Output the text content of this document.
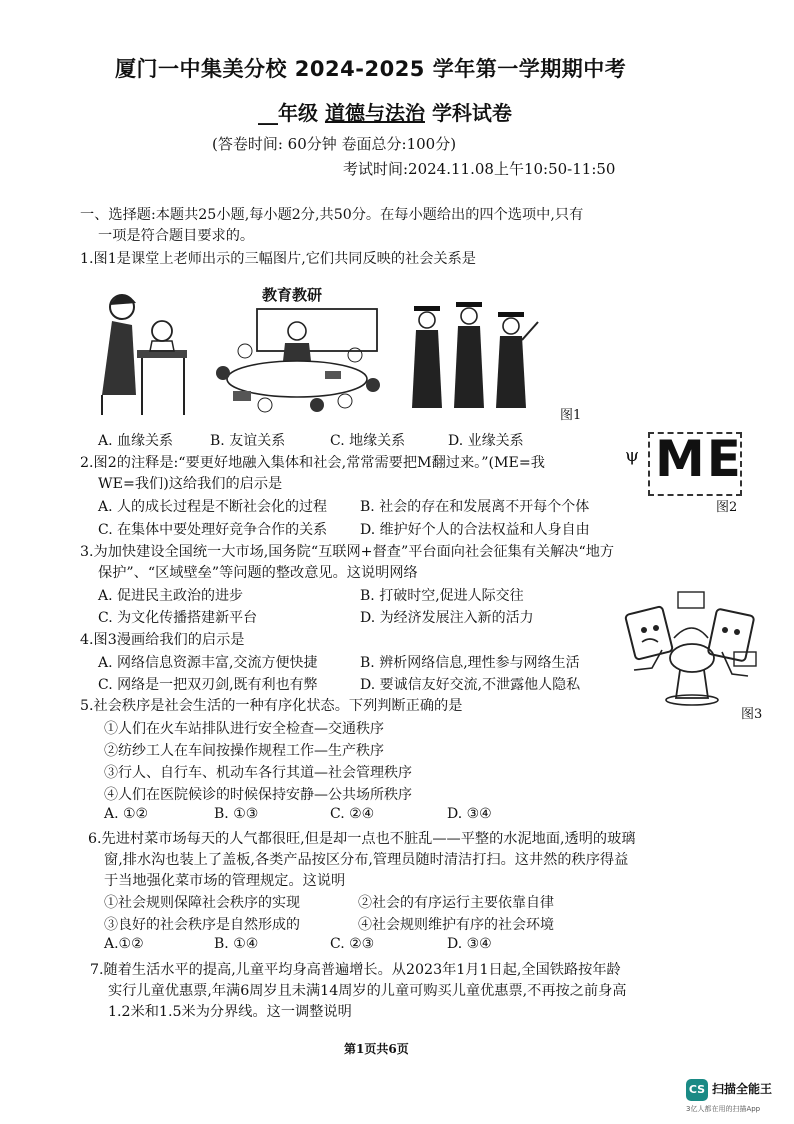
厦门一中集美分校 2024-2025 学年第一学期期中考
__年级 道德与法治 学科试卷
(答卷时间: 60分钟 卷面总分:100分)
考试时间:2024.11.08上午10:50-11:50
一、选择题:本题共25小题,每小题2分,共50分。在每小题给出的四个选项中,只有
一项是符合题目要求的。
1.图1是课堂上老师出示的三幅图片,它们共同反映的社会关系是
教育教研
图1
A. 血缘关系	B. 友谊关系	C. 地缘关系	D. 业缘关系	ME
ψ
图2
2.图2的注释是:“要更好地融入集体和社会,常常需要把M翻过来。”(ME=我
WE=我们)这给我们的启示是
A. 人的成长过程是不断社会化的过程 B. 社会的存在和发展离不开每个个体
C. 在集体中要处理好竞争合作的关系 D. 维护好个人的合法权益和人身自由
3.为加快建设全国统一大市场,国务院“互联网+督查”平台面向社会征集有关解决“地方
保护”、“区域壁垒”等问题的整改意见。这说明网络
A. 促进民主政治的进步	B. 打破时空,促进人际交往
C. 为文化传播搭建新平台	D. 为经济发展注入新的活力
图3
4.图3漫画给我们的启示是
A. 网络信息资源丰富,交流方便快捷	B. 辨析网络信息,理性参与网络生活
C. 网络是一把双刃剑,既有利也有弊	D. 要诚信友好交流,不泄露他人隐私
5.社会秩序是社会生活的一种有序化状态。下列判断正确的是
①人们在火车站排队进行安全检查—交通秩序
②纺纱工人在车间按操作规程工作—生产秩序
③行人、自行车、机动车各行其道—社会管理秩序
④人们在医院候诊的时候保持安静—公共场所秩序
A. ①②	B. ①③	C. ②④	D. ③④
6.先进村菜市场每天的人气都很旺,但是却一点也不脏乱——平整的水泥地面,透明的玻璃
窗,排水沟也装上了盖板,各类产品按区分布,管理员随时清洁打扫。这井然的秩序得益
于当地强化菜市场的管理规定。这说明
①社会规则保障社会秩序的实现	②社会的有序运行主要依靠自律
③良好的社会秩序是自然形成的	④社会规则维护有序的社会环境
A.①②	B. ①④	C. ②③	D. ③④
7.随着生活水平的提高,儿童平均身高普遍增长。从2023年1月1日起,全国铁路按年龄
实行儿童优惠票,年满6周岁且未满14周岁的儿童可购买儿童优惠票,不再按之前身高
1.2米和1.5米为分界线。这一调整说明
第1页共6页
CS 扫描全能王
3亿人都在用的扫描App
